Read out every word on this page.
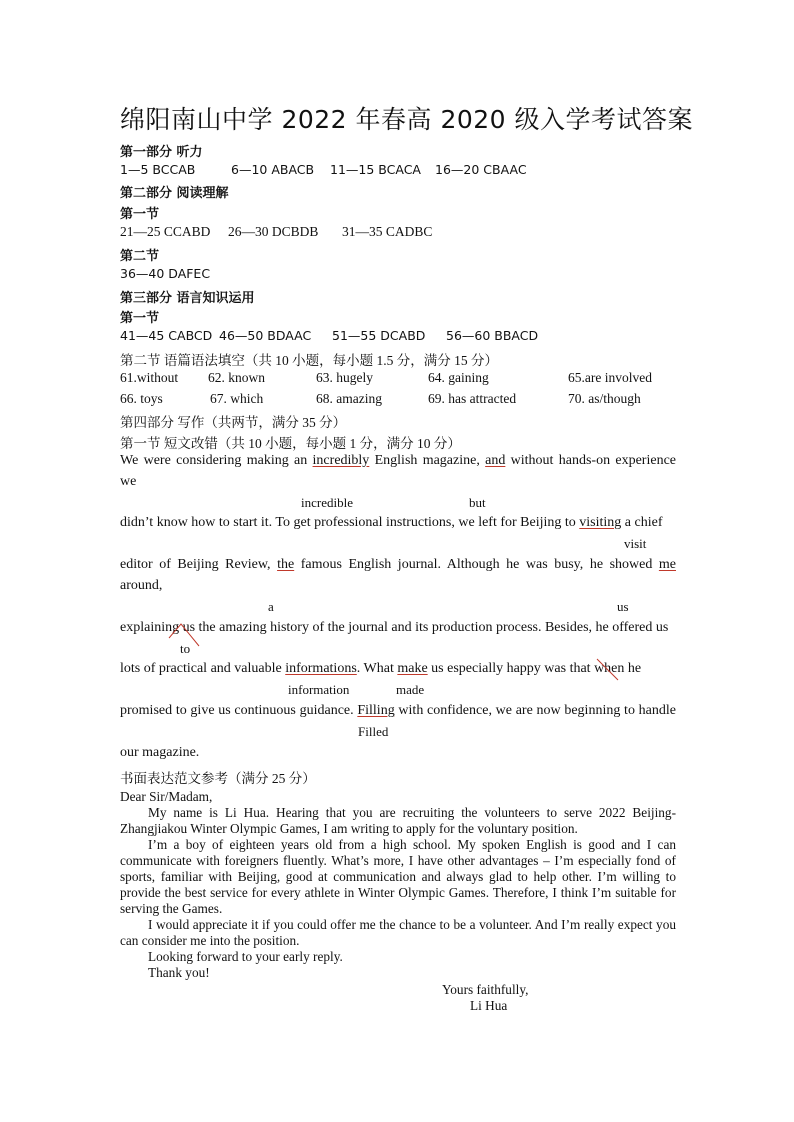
绵阳南山中学 2022 年春高 2020 级入学考试答案
第一部分 听力
1—5 BCCAB	6—10 ABACB 11—15 BCACA 16—20 CBAAC
第二部分 阅读理解
第一节
21—25 CCABD 26—30 DCBDB 31—35 CADBC
第二节
36—40 DAFEC
第三部分 语言知识运用
第一节
41—45 CABCD 46—50 BDAAC 51—55 DCABD 56—60 BBACD
第二节 语篇语法填空（共 10 小题，每小题 1.5 分，满分 15 分）
61.without 62. known	63. hugely	64. gaining	65.are involved
66. toys	67. which	68. amazing	69. has attracted	70. as/though
第四部分 写作（共两节，满分 35 分）
第一节 短文改错（共 10 小题，每小题 1 分，满分 10 分）
We were considering making an incredibly English magazine, and without hands-on experience
we
incredible	but
didn’t know how to start it. To get professional instructions, we left for Beijing to visiting a chief
visit
editor of Beijing Review, the famous English journal. Although he was busy, he showed me
around,
a	us
explaining us the amazing history of the journal and its production process. Besides, he offered us
to
lots of practical and valuable informations. What make us especially happy was that when he
information	made
promised to give us continuous guidance. Filling with confidence, we are now beginning to handle
Filled
our magazine.
书面表达范文参考（满分 25 分）

Dear Sir/Madam,

My name is Li Hua. Hearing that you are recruiting the volunteers to serve 2022 Beijing-Zhangjiakou Winter Olympic Games, I am writing to apply for the voluntary position.

I’m a boy of eighteen years old from a high school. My spoken English is good and I can communicate with foreigners fluently. What’s more, I have other advantages – I’m especially fond of sports, familiar with Beijing, good at communication and always glad to help other. I’m willing to provide the best service for every athlete in Winter Olympic Games. Therefore, I think I’m suitable for serving the Games.

I would appreciate it if you could offer me the chance to be a volunteer. And I’m really expect you can consider me into the position.

Looking forward to your early reply.

Thank you!

Yours faithfully,
Li Hua
